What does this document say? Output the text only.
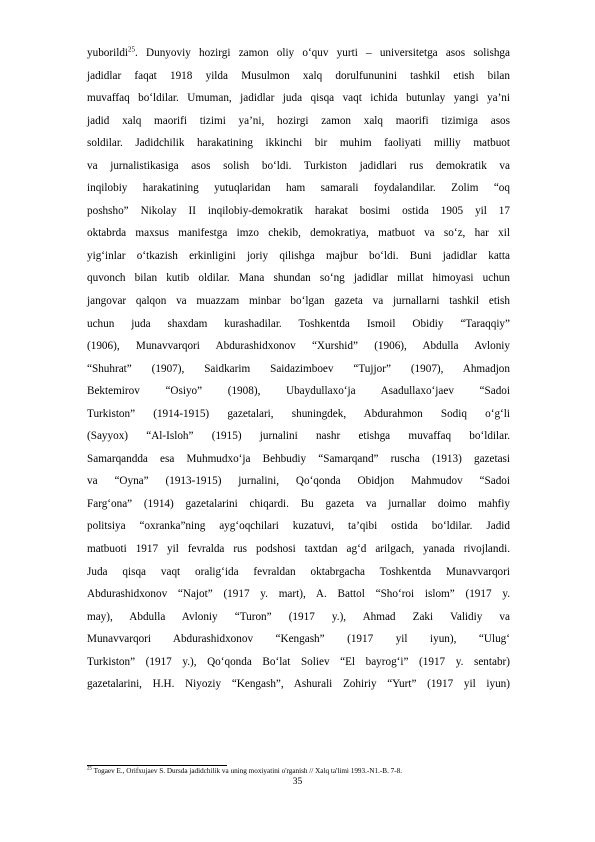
yuborildi$^{25}$. Dunyoviy hozirgi zamon oliy o‘quv yurti – universitetga asos solishga
jadidlar faqat 1918 yilda Musulmon xalq dorulfununini tashkil etish bilan
muvaffaq bo‘ldilar. Umuman, jadidlar juda qisqa vaqt ichida butunlay yangi ya’ni
jadid xalq maorifi tizimi ya’ni, hozirgi zamon xalq maorifi tizimiga asos
soldilar. Jadidchilik harakatining ikkinchi bir muhim faoliyati milliy matbuot
va jurnalistikasiga asos solish bo‘ldi. Turkiston jadidlari rus demokratik va
inqilobiy harakatining yutuqlaridan ham samarali foydalandilar. Zolim “oq
poshsho” Nikolay II inqilobiy-demokratik harakat bosimi ostida 1905 yil 17
oktabrda maxsus manifestga imzo chekib, demokratiya, matbuot va so‘z, har xil
yig‘inlar o‘tkazish erkinligini joriy qilishga majbur bo‘ldi. Buni jadidlar katta
quvonch bilan kutib oldilar. Mana shundan so‘ng jadidlar millat himoyasi uchun
jangovar qalqon va muazzam minbar bo‘lgan gazeta va jurnallarni tashkil etish
uchun juda shaxdam kurashadilar. Toshkentda Ismoil Obidiy “Taraqqiy”
(1906), Munavvarqori Abdurashidxonov “Xurshid” (1906), Abdulla Avloniy
“Shuhrat” (1907), Saidkarim Saidazimboev “Tujjor” (1907), Ahmadjon
Bektemirov “Osiyo” (1908), Ubaydullaxo‘ja Asadullaxo‘jaev “Sadoi
Turkiston” (1914-1915) gazetalari, shuningdek, Abdurahmon Sodiq o‘g‘li
(Sayyox) “Al-Isloh” (1915) jurnalini nashr etishga muvaffaq bo‘ldilar.
Samarqandda esa Muhmudxo‘ja Behbudiy “Samarqand” ruscha (1913) gazetasi
va “Oyna” (1913-1915) jurnalini, Qo‘qonda Obidjon Mahmudov “Sadoi
Farg‘ona” (1914) gazetalarini chiqardi. Bu gazeta va jurnallar doimo mahfiy
politsiya “oxranka”ning ayg‘oqchilari kuzatuvi, ta’qibi ostida bo‘ldilar. Jadid
matbuoti 1917 yil fevralda rus podshosi taxtdan ag‘d arilgach, yanada rivojlandi.
Juda qisqa vaqt oralig‘ida fevraldan oktabrgacha Toshkentda Munavvarqori
Abdurashidxonov “Najot” (1917 y. mart), A. Battol “Sho‘roi islom” (1917 y.
may), Abdulla Avloniy “Turon” (1917 y.), Ahmad Zaki Validiy va
Munavvarqori Abdurashidxonov “Kengash” (1917 yil iyun), “Ulug‘
Turkiston” (1917 y.), Qo‘qonda Bo‘lat Soliev “El bayrog‘i” (1917 y. sentabr)
gazetalarini, H.H. Niyoziy “Kengash”, Ashurali Zohiriy “Yurt” (1917 yil iyun)
$^{25}$ Togaev E., Orifxujaev S. Dursda jadidchilik va uning moxiyatini o'rganish // Xalq ta'limi 1993.-N1.-B. 7-8.
35
